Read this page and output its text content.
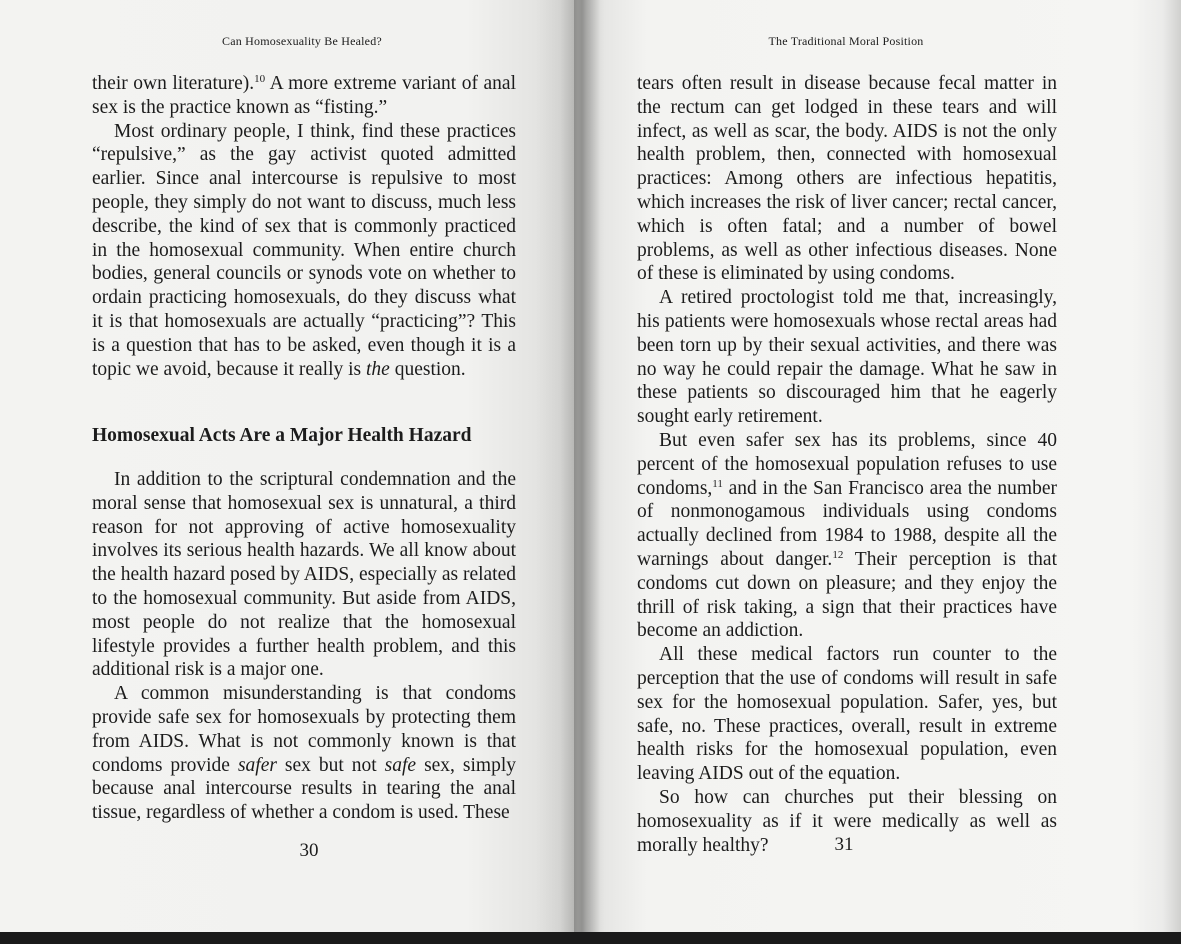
Can Homosexuality Be Healed?

their own literature).$^{10}$ A more extreme variant of anal sex is the practice known as “fisting.”

Most ordinary people, I think, find these practices “repulsive,” as the gay activist quoted admitted earlier. Since anal intercourse is repulsive to most people, they simply do not want to discuss, much less describe, the kind of sex that is commonly practiced in the homosexual community. When entire church bodies, general councils or synods vote on whether to ordain practicing homosexuals, do they discuss what it is that homosexuals are actually “practicing”? This is a question that has to be asked, even though it is a topic we avoid, because it really is the question.

Homosexual Acts Are a Major Health Hazard

In addition to the scriptural condemnation and the moral sense that homosexual sex is unnatural, a third reason for not approving of active homosexuality involves its serious health hazards. We all know about the health hazard posed by AIDS, especially as related to the homosexual community. But aside from AIDS, most people do not realize that the homosexual lifestyle provides a further health problem, and this additional risk is a major one.

A common misunderstanding is that condoms provide safe sex for homosexuals by protecting them from AIDS. What is not commonly known is that condoms provide safer sex but not safe sex, simply because anal intercourse results in tearing the anal tissue, regardless of whether a condom is used. These

30
The Traditional Moral Position

tears often result in disease because fecal matter in the rectum can get lodged in these tears and will infect, as well as scar, the body. AIDS is not the only health problem, then, connected with homosexual practices: Among others are infectious hepatitis, which increases the risk of liver cancer; rectal cancer, which is often fatal; and a number of bowel problems, as well as other infectious diseases. None of these is eliminated by using condoms.

A retired proctologist told me that, increasingly, his patients were homosexuals whose rectal areas had been torn up by their sexual activities, and there was no way he could repair the damage. What he saw in these patients so discouraged him that he eagerly sought early retirement.

But even safer sex has its problems, since 40 percent of the homosexual population refuses to use condoms,$^{11}$ and in the San Francisco area the number of nonmonogamous individuals using condoms actually declined from 1984 to 1988, despite all the warnings about danger.$^{12}$ Their perception is that condoms cut down on pleasure; and they enjoy the thrill of risk taking, a sign that their practices have become an addiction.

All these medical factors run counter to the perception that the use of condoms will result in safe sex for the homosexual population. Safer, yes, but safe, no. These practices, overall, result in extreme health risks for the homosexual population, even leaving AIDS out of the equation.

So how can churches put their blessing on homosexuality as if it were medically as well as morally healthy?	31
